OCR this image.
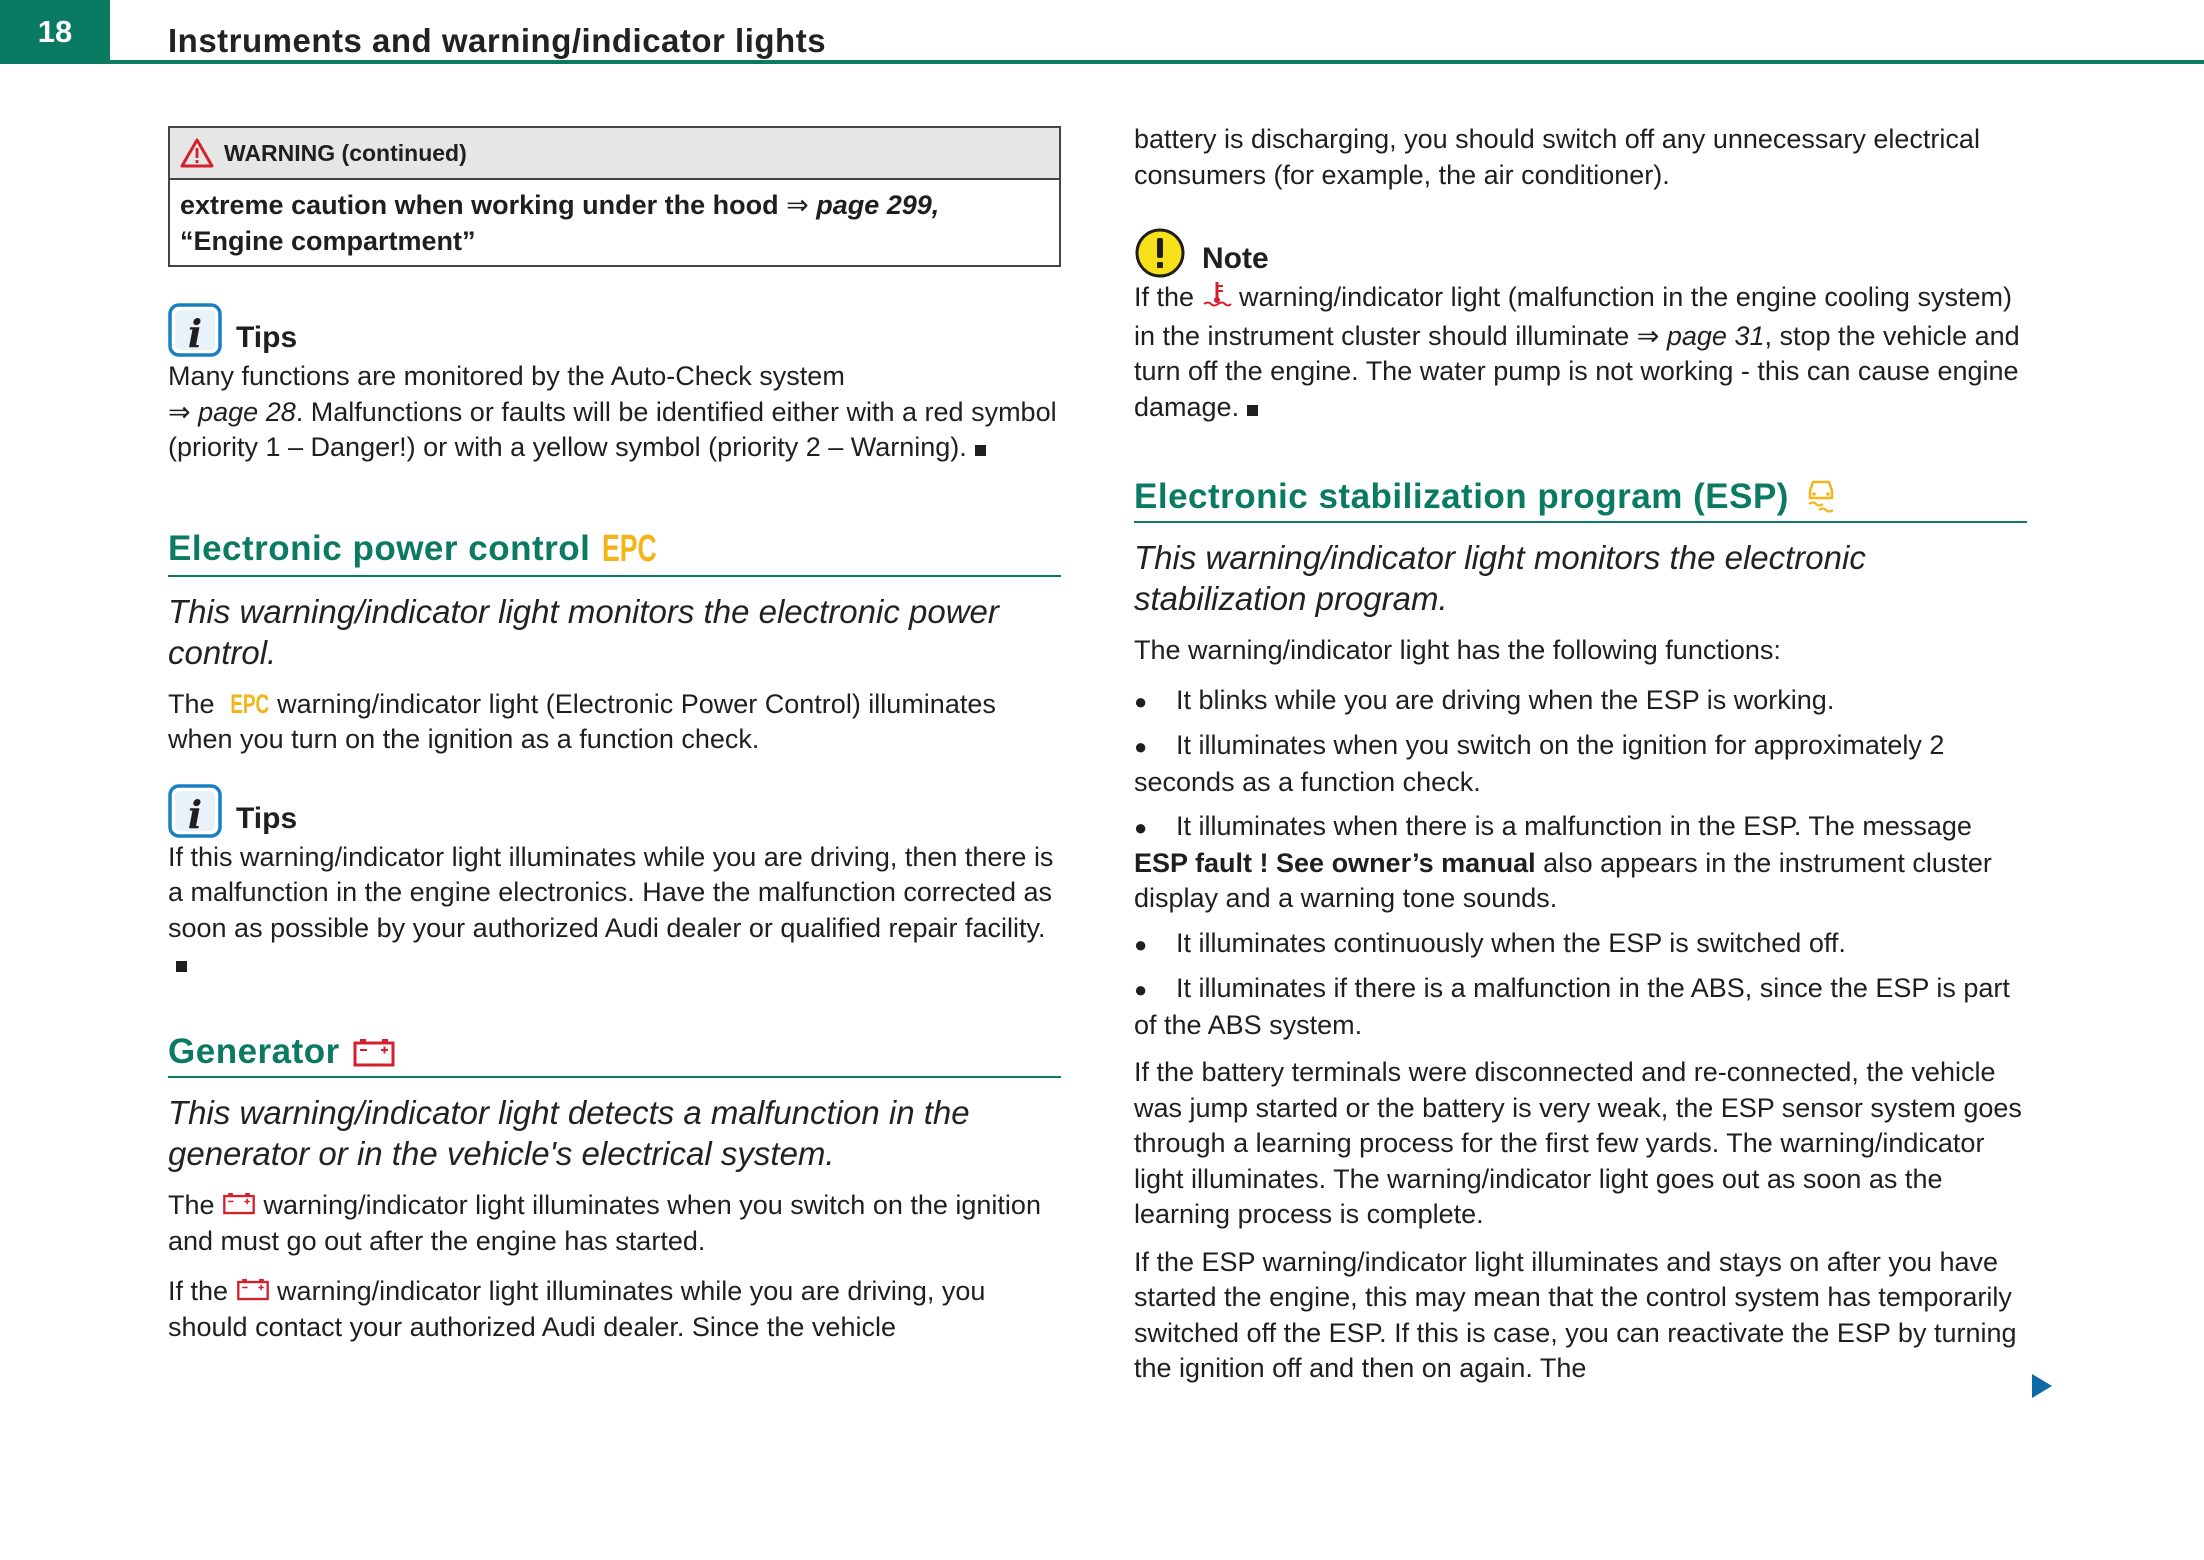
18	Instruments and warning/indicator lights
WARNING (continued)
extreme caution when working under the hood ⇒ page 299,
“Engine compartment”
i Tips

Many functions are monitored by the Auto-Check system
⇒ page 28. Malfunctions or faults will be identified either with a red symbol (priority 1 – Danger!) or with a yellow symbol (priority 2 – Warning).

Electronic power control EPC
This warning/indicator light monitors the electronic power control.

The EPC warning/indicator light (Electronic Power Control) illuminates when you turn on the ignition as a function check.

i Tips

If this warning/indicator light illuminates while you are driving, then there is a malfunction in the engine electronics. Have the malfunction corrected as soon as possible by your authorized Audi dealer or qualified repair facility.

Generator
This warning/indicator light detects a malfunction in the generator or in the vehicle's electrical system.

The  warning/indicator light illuminates when you switch on the ignition and must go out after the engine has started.

If the  warning/indicator light illuminates while you are driving, you should contact your authorized Audi dealer. Since the vehicle

battery is discharging, you should switch off any unnecessary electrical consumers (for example, the air conditioner).

Note

If the  warning/indicator light (malfunction in the engine cooling system) in the instrument cluster should illuminate ⇒ page 31, stop the vehicle and turn off the engine. The water pump is not working - this can cause engine damage.

Electronic stabilization program (ESP)
This warning/indicator light monitors the electronic stabilization program.

The warning/indicator light has the following functions:

● It blinks while you are driving when the ESP is working.

● It illuminates when you switch on the ignition for approximately 2 seconds as a function check.

● It illuminates when there is a malfunction in the ESP. The message ESP fault ! See owner’s manual also appears in the instrument cluster display and a warning tone sounds.

● It illuminates continuously when the ESP is switched off.

● It illuminates if there is a malfunction in the ABS, since the ESP is part of the ABS system.

If the battery terminals were disconnected and re-connected, the vehicle was jump started or the battery is very weak, the ESP sensor system goes through a learning process for the first few yards. The warning/indicator light illuminates. The warning/indicator light goes out as soon as the learning process is complete.

If the ESP warning/indicator light illuminates and stays on after you have started the engine, this may mean that the control system has temporarily switched off the ESP. If this is case, you can reactivate the ESP by turning the ignition off and then on again. The
